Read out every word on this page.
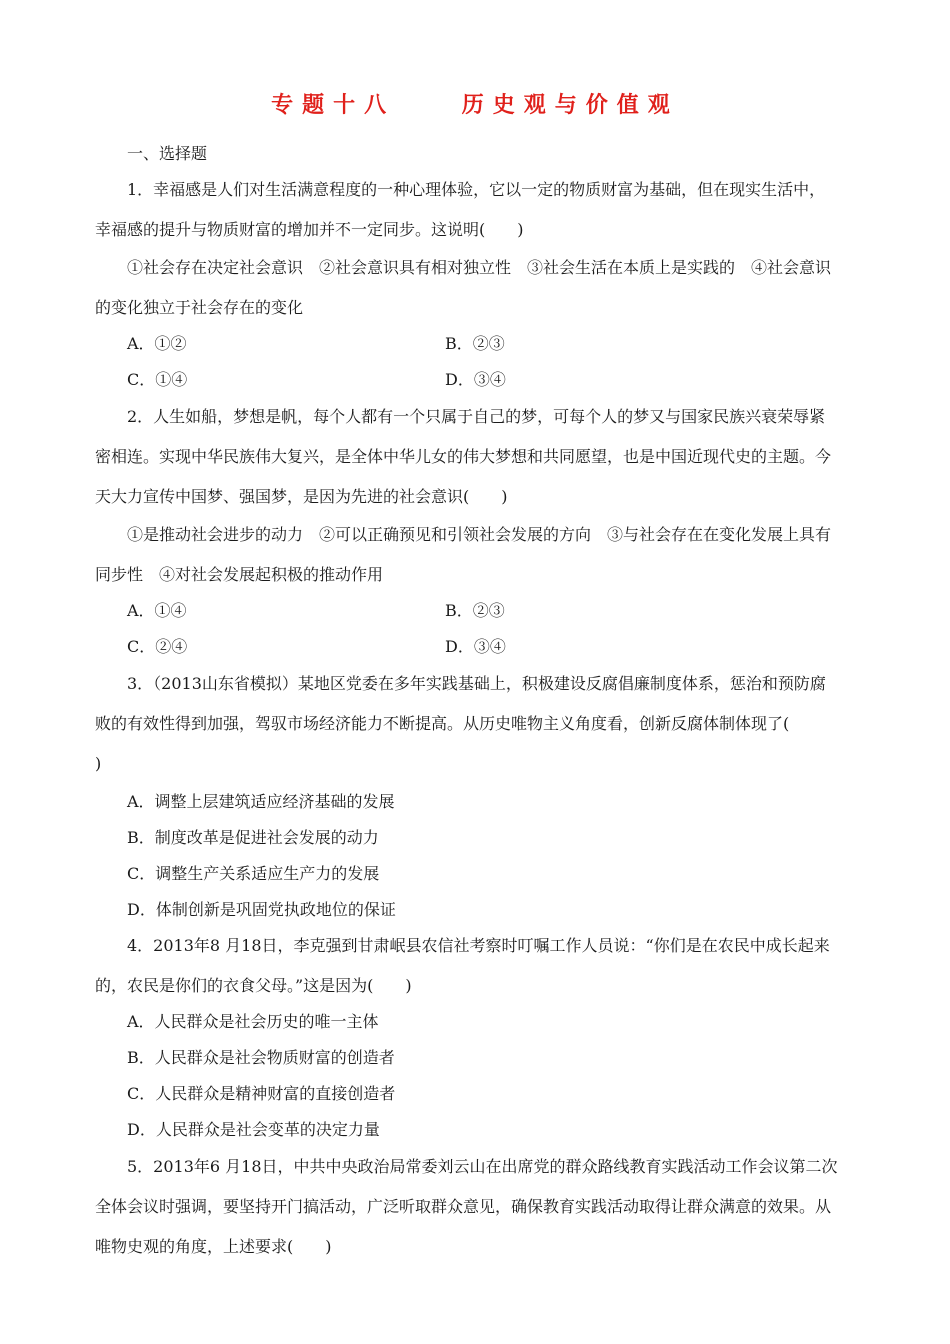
专题十八    历史观与价值观
一、选择题
1．幸福感是人们对生活满意程度的一种心理体验，它以一定的物质财富为基础，但在现实生活中，
幸福感的提升与物质财富的增加并不一定同步。这说明(　　)
①社会存在决定社会意识　②社会意识具有相对独立性　③社会生活在本质上是实践的　④社会意识
的变化独立于社会存在的变化
A．①②	B．②③
C．①④	D．③④
2．人生如船，梦想是帆，每个人都有一个只属于自己的梦，可每个人的梦又与国家民族兴衰荣辱紧
密相连。实现中华民族伟大复兴，是全体中华儿女的伟大梦想和共同愿望，也是中国近现代史的主题。今
天大力宣传中国梦、强国梦，是因为先进的社会意识(　　)
①是推动社会进步的动力　②可以正确预见和引领社会发展的方向　③与社会存在在变化发展上具有
同步性　④对社会发展起积极的推动作用
A．①④	B．②③
C．②④	D．③④
3．（2013山东省模拟）某地区党委在多年实践基础上，积极建设反腐倡廉制度体系，惩治和预防腐
败的有效性得到加强，驾驭市场经济能力不断提高。从历史唯物主义角度看，创新反腐体制体现了(
)
A．调整上层建筑适应经济基础的发展
B．制度改革是促进社会发展的动力
C．调整生产关系适应生产力的发展
D．体制创新是巩固党执政地位的保证
4．2013年8 月18日，李克强到甘肃岷县农信社考察时叮嘱工作人员说：“你们是在农民中成长起来
的，农民是你们的衣食父母。”这是因为(　　)
A．人民群众是社会历史的唯一主体
B．人民群众是社会物质财富的创造者
C．人民群众是精神财富的直接创造者
D．人民群众是社会变革的决定力量
5．2013年6 月18日，中共中央政治局常委刘云山在出席党的群众路线教育实践活动工作会议第二次
全体会议时强调，要坚持开门搞活动，广泛听取群众意见，确保教育实践活动取得让群众满意的效果。从
唯物史观的角度，上述要求(　　)
